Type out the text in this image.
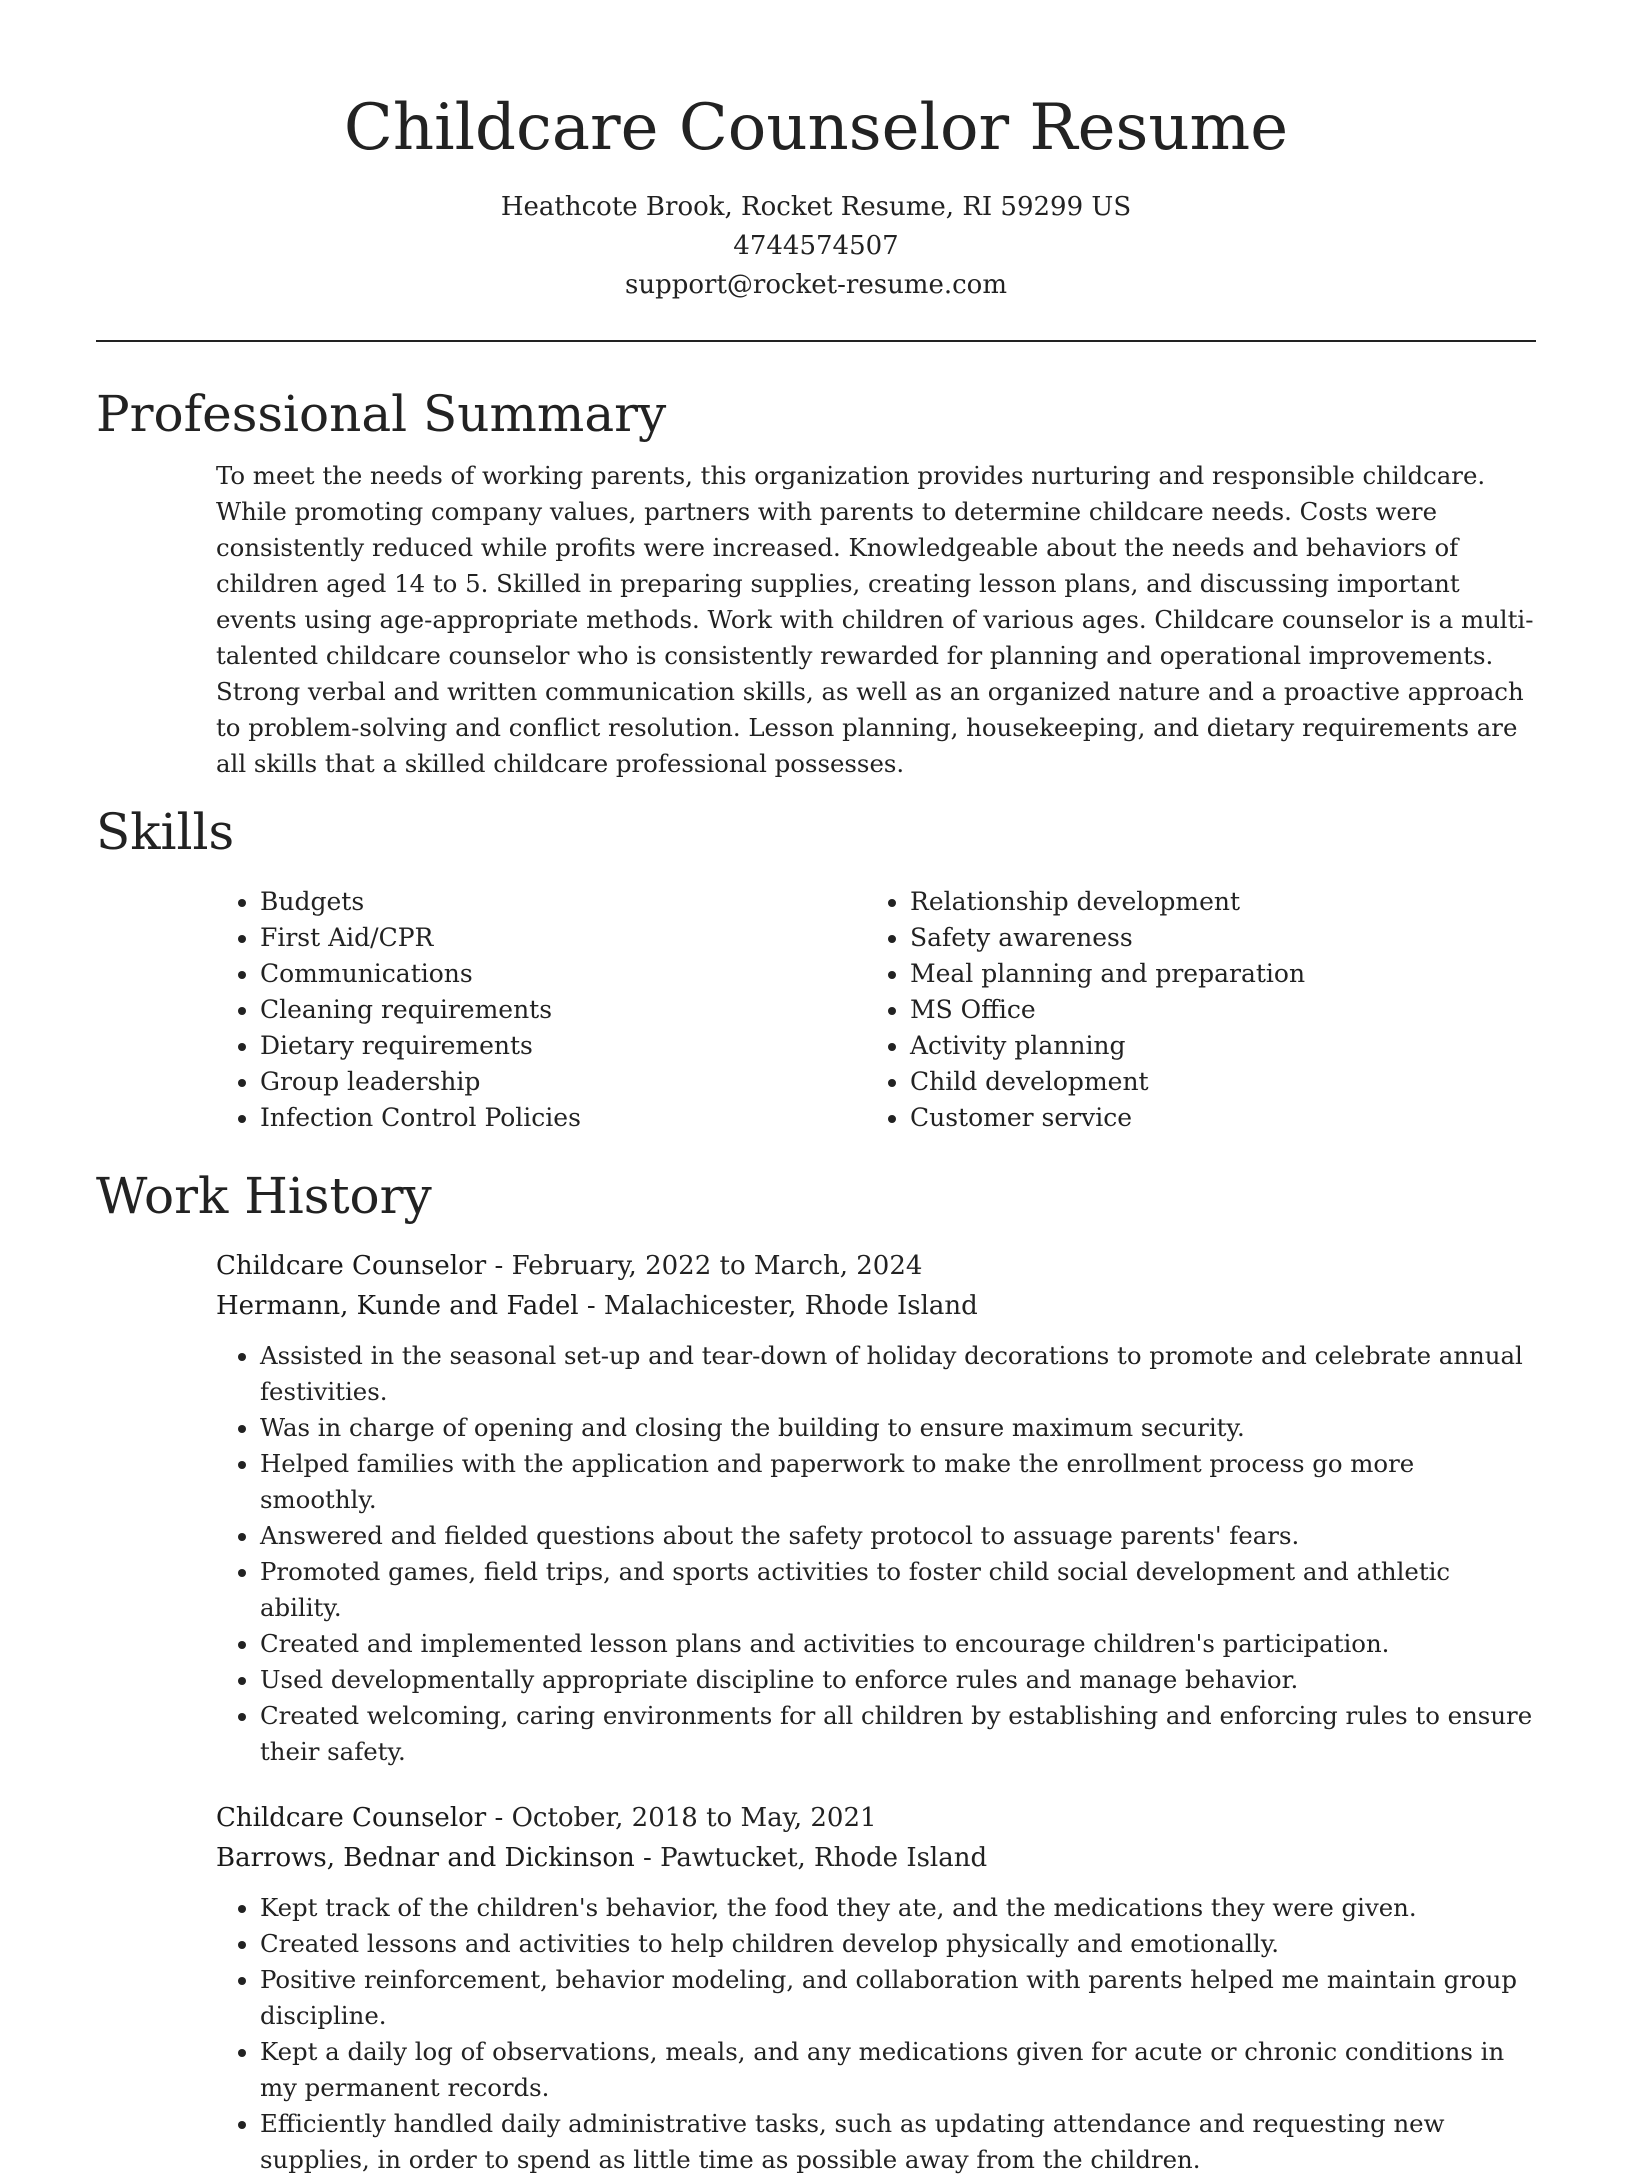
Childcare Counselor Resume
Heathcote Brook, Rocket Resume, RI 59299 US
4744574507
support@rocket-resume.com
Professional Summary

To meet the needs of working parents, this organization provides nurturing and responsible childcare. While promoting company values, partners with parents to determine childcare needs. Costs were consistently reduced while profits were increased. Knowledgeable about the needs and behaviors of children aged 14 to 5. Skilled in preparing supplies, creating lesson plans, and discussing important events using age-appropriate methods. Work with children of various ages. Childcare counselor is a multi-talented childcare counselor who is consistently rewarded for planning and operational improvements. Strong verbal and written communication skills, as well as an organized nature and a proactive approach to problem-solving and conflict resolution. Lesson planning, housekeeping, and dietary requirements are all skills that a skilled childcare professional possesses.

Skills
• Budgets
• First Aid/CPR
• Communications
• Cleaning requirements
• Dietary requirements
• Group leadership
• Infection Control Policies
• Relationship development
• Safety awareness
• Meal planning and preparation
• MS Office
• Activity planning
• Child development
• Customer service
Work History
Childcare Counselor - February, 2022 to March, 2024
Hermann, Kunde and Fadel - Malachicester, Rhode Island
• Assisted in the seasonal set-up and tear-down of holiday decorations to promote and celebrate annual festivities.
• Was in charge of opening and closing the building to ensure maximum security.
• Helped families with the application and paperwork to make the enrollment process go more smoothly.
• Answered and fielded questions about the safety protocol to assuage parents' fears.
• Promoted games, field trips, and sports activities to foster child social development and athletic ability.
• Created and implemented lesson plans and activities to encourage children's participation.
• Used developmentally appropriate discipline to enforce rules and manage behavior.
• Created welcoming, caring environments for all children by establishing and enforcing rules to ensure their safety.
Childcare Counselor - October, 2018 to May, 2021
Barrows, Bednar and Dickinson - Pawtucket, Rhode Island
• Kept track of the children's behavior, the food they ate, and the medications they were given.
• Created lessons and activities to help children develop physically and emotionally.
• Positive reinforcement, behavior modeling, and collaboration with parents helped me maintain group discipline.
• Kept a daily log of observations, meals, and any medications given for acute or chronic conditions in my permanent records.
• Efficiently handled daily administrative tasks, such as updating attendance and requesting new supplies, in order to spend as little time as possible away from the children.
